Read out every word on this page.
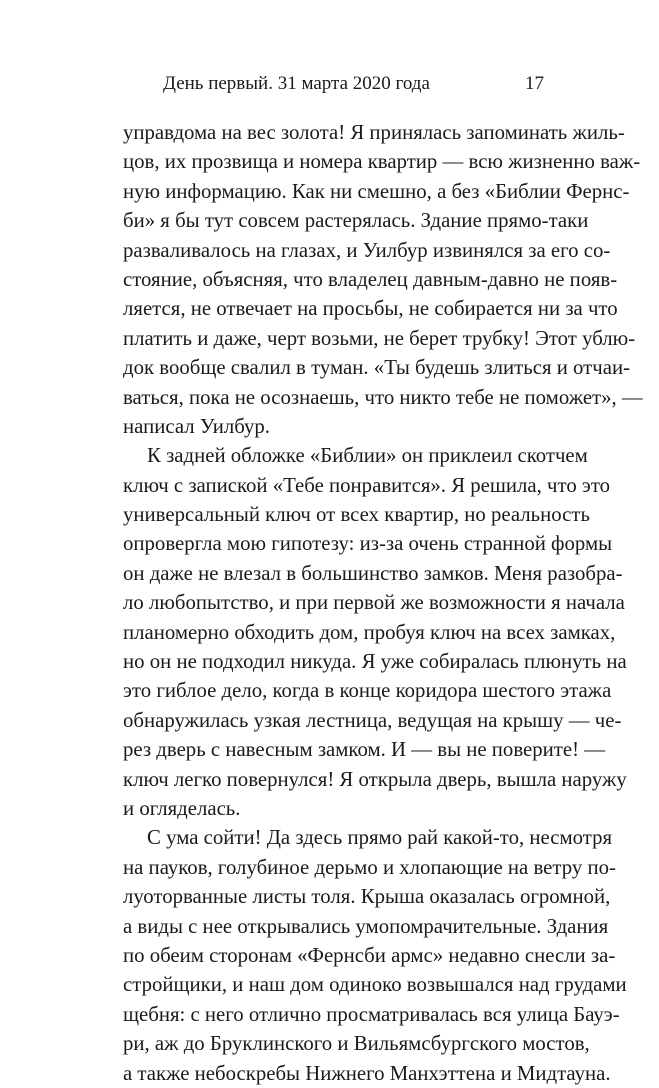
День первый. 31 марта 2020 года	17
управдома на вес золота! Я принялась запоминать жиль-
цов, их прозвища и номера квартир — всю жизненно важ-
ную информацию. Как ни смешно, а без «Библии Фернс-
би» я бы тут совсем растерялась. Здание прямо-таки
разваливалось на глазах, и Уилбур извинялся за его со-
стояние, объясняя, что владелец давным-давно не появ-
ляется, не отвечает на просьбы, не собирается ни за что
платить и даже, черт возьми, не берет трубку! Этот ублю-
док вообще свалил в туман. «Ты будешь злиться и отчаи-
ваться, пока не осознаешь, что никто тебе не поможет», —
написал Уилбур.
К задней обложке «Библии» он приклеил скотчем
ключ с запиской «Тебе понравится». Я решила, что это
универсальный ключ от всех квартир, но реальность
опровергла мою гипотезу: из-за очень странной формы
он даже не влезал в большинство замков. Меня разобра-
ло любопытство, и при первой же возможности я начала
планомерно обходить дом, пробуя ключ на всех замках,
но он не подходил никуда. Я уже собиралась плюнуть на
это гиблое дело, когда в конце коридора шестого этажа
обнаружилась узкая лестница, ведущая на крышу — че-
рез дверь с навесным замком. И — вы не поверите! —
ключ легко повернулся! Я открыла дверь, вышла наружу
и огляделась.
С ума сойти! Да здесь прямо рай какой-то, несмотря
на пауков, голубиное дерьмо и хлопающие на ветру по-
луоторванные листы толя. Крыша оказалась огромной,
а виды с нее открывались умопомрачительные. Здания
по обеим сторонам «Фернсби армс» недавно снесли за-
стройщики, и наш дом одиноко возвышался над грудами
щебня: с него отлично просматривалась вся улица Бауэ-
ри, аж до Бруклинского и Вильямсбургского мостов,
а также небоскребы Нижнего Манхэттена и Мидтауна.
